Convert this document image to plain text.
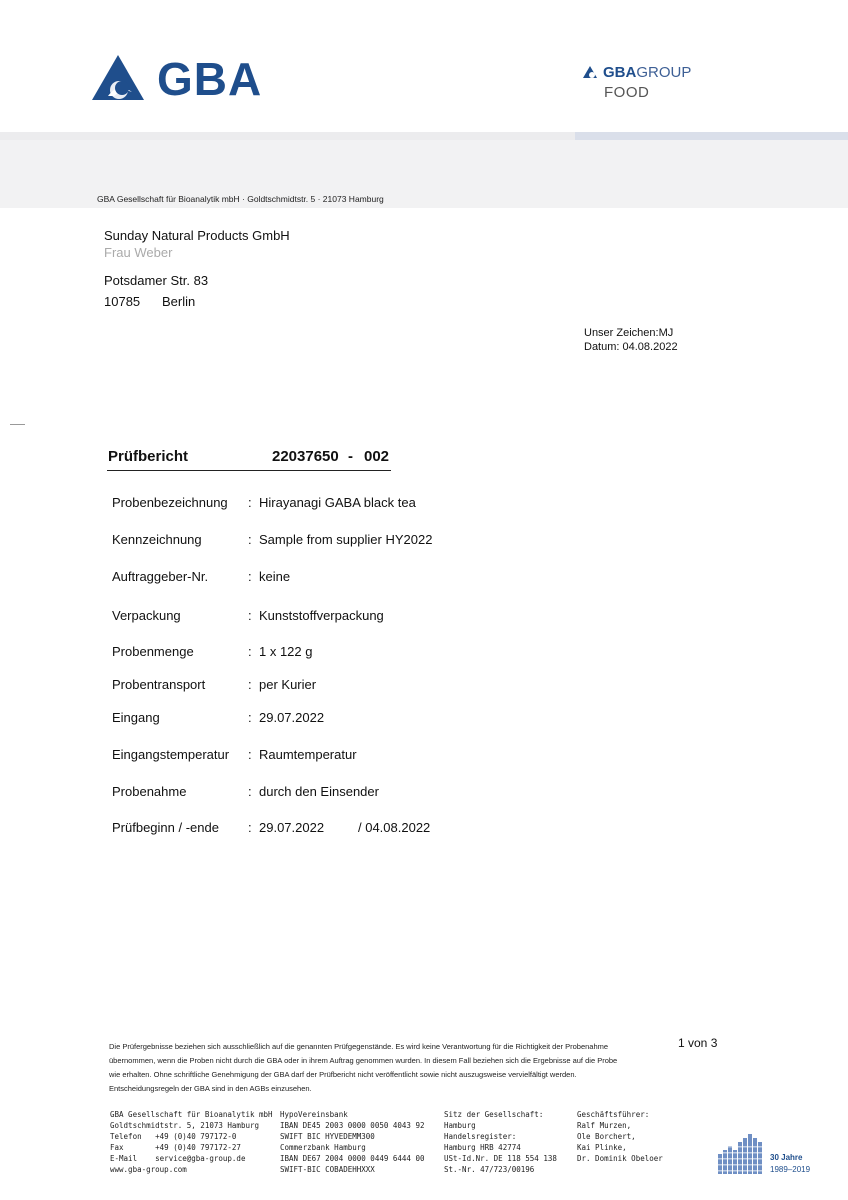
GBA	GBAGROUP
FOOD
GBA Gesellschaft für Bioanalytik mbH · Goldtschmidtstr. 5 · 21073 Hamburg
Sunday Natural Products GmbH
Frau Weber
Potsdamer Str. 83
10785 Berlin
Unser Zeichen:MJ
Datum: 04.08.2022
Prüfbericht	22037650 - 002
Probenbezeichnung : Hirayanagi GABA black tea
Kennzeichnung	: Sample from supplier HY2022
Auftraggeber-Nr.	: keine
Verpackung	: Kunststoffverpackung
Probenmenge	: 1 x 122 g
Probentransport	: per Kurier
Eingang	: 29.07.2022
Eingangstemperatur : Raumtemperatur
Probenahme	: durch den Einsender
Prüfbeginn / -ende : 29.07.2022	/ 04.08.2022

Die Prüfergebnisse beziehen sich ausschließlich auf die genannten Prüfgegenstände. Es wird keine Verantwortung für die Richtigkeit der Probenahme übernommen, wenn die Proben nicht durch die GBA oder in ihrem Auftrag genommen wurden. In diesem Fall beziehen sich die Ergebnisse auf die Probe wie erhalten. Ohne schriftliche Genehmigung der GBA darf der Prüfbericht nicht veröffentlicht sowie nicht auszugsweise vervielfältigt werden. Entscheidungsregeln der GBA sind in den AGBs einzusehen.

1 von 3
GBA Gesellschaft für Bioanalytik mbH
Goldtschmidtstr. 5, 21073 Hamburg
Telefon   +49 (0)40 797172-0
Fax       +49 (0)40 797172-27
E-Mail    service@gba-group.de
www.gba-group.com
HypoVereinsbank
IBAN DE45 2003 0000 0050 4043 92
SWIFT BIC HYVEDEMM300
Commerzbank Hamburg
IBAN DE67 2004 0000 0449 6444 00
SWIFT-BIC COBADEHHXXX
Sitz der Gesellschaft:
Hamburg
Handelsregister:
Hamburg HRB 42774
USt-Id.Nr. DE 118 554 138
St.-Nr. 47/723/00196
Geschäftsführer:
Ralf Murzen,
Ole Borchert,
Kai Plinke,
Dr. Dominik Obeloer	30 Jahre
1989–2019
